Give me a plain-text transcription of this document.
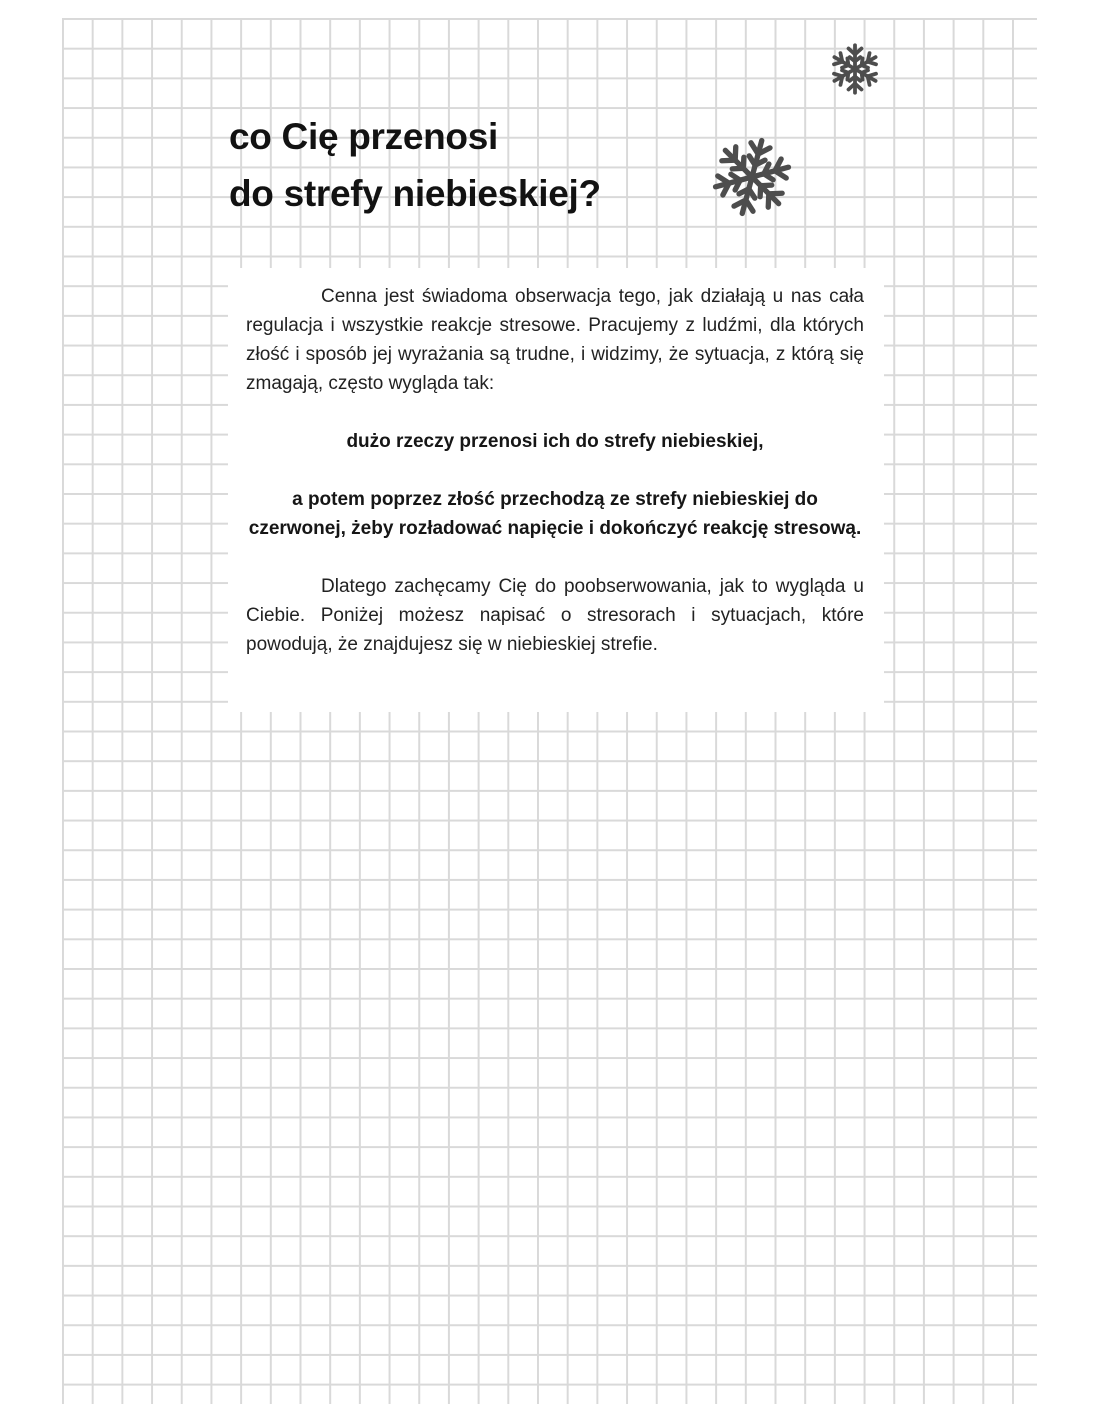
co Cię przenosi
do strefy niebieskiej?

Cenna jest świadoma obserwacja tego, jak działają u nas cała regulacja i wszystkie reakcje stresowe. Pracujemy z ludźmi, dla których złość i sposób jej wyrażania są trudne, i widzimy, że sytuacja, z którą się zmagają, często wygląda tak:

dużo rzeczy przenosi ich do strefy niebieskiej,

a potem poprzez złość przechodzą ze strefy niebieskiej do czerwonej, żeby rozładować napięcie i dokończyć reakcję stresową.

Dlatego zachęcamy Cię do poobserwowania, jak to wygląda u Ciebie. Poniżej możesz napisać o stresorach i sytuacjach, które powodują, że znajdujesz się w niebieskiej strefie.
